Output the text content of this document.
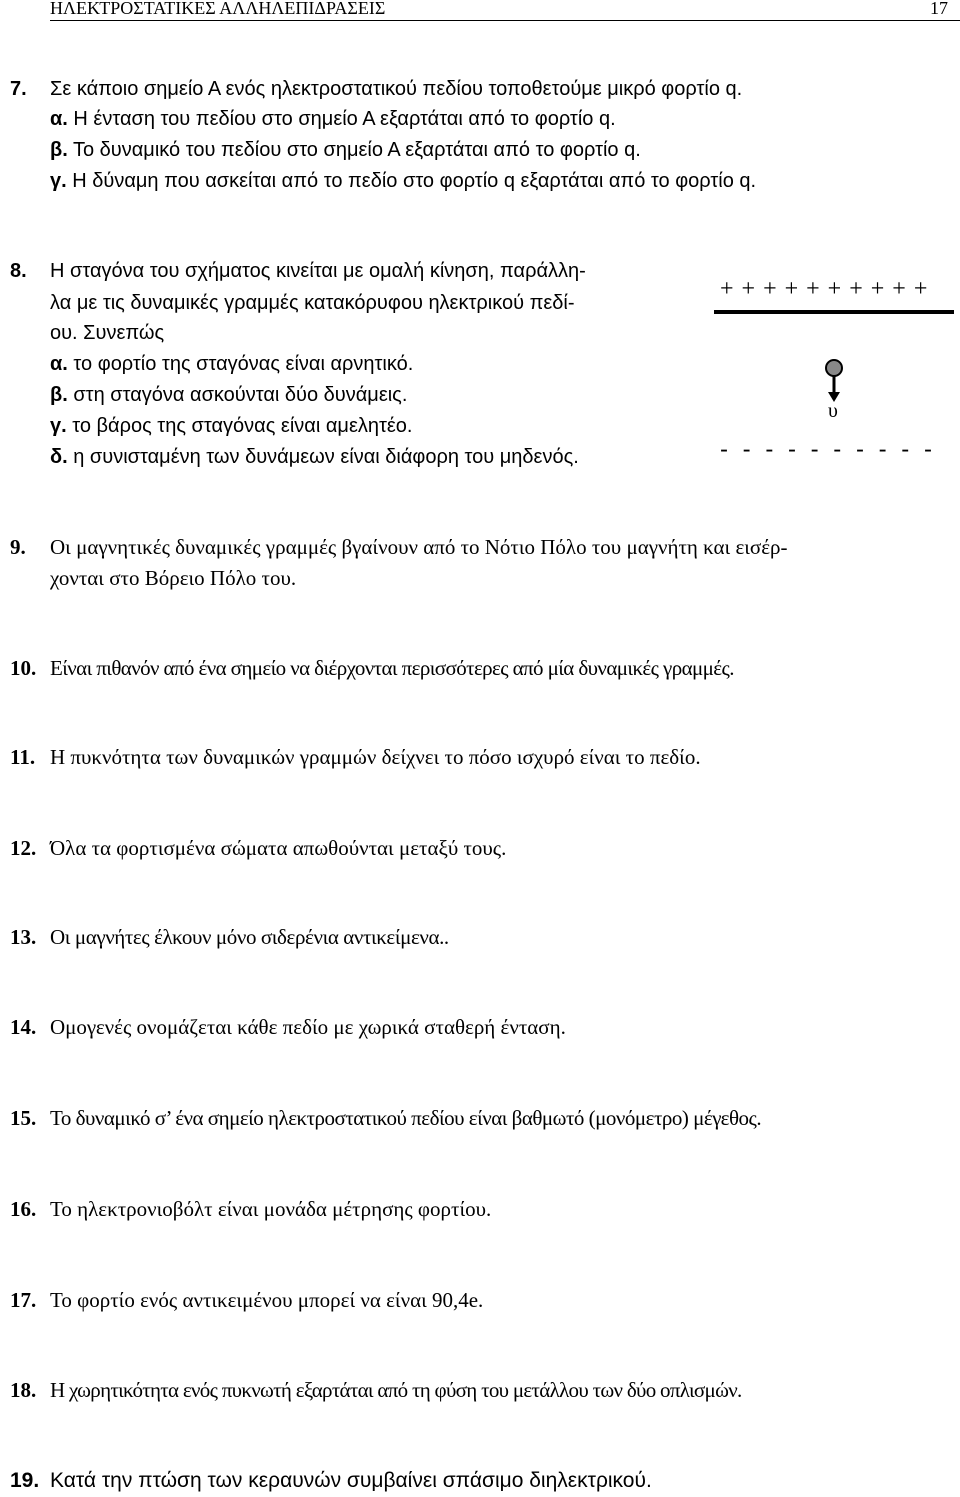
ΗΛΕΚΤΡΟΣΤΑΤΙΚΕΣ ΑΛΛΗΛΕΠΙΔΡΑΣΕΙΣ	17
7. Σε κάποιο σημείο Α ενός ηλεκτροστατικού πεδίου τοποθετούμε μικρό φορτίο q.
α. Η ένταση του πεδίου στο σημείο Α εξαρτάται από το φορτίο q.
β. Το δυναμικό του πεδίου στο σημείο Α εξαρτάται από το φορτίο q.
γ. Η δύναμη που ασκείται από το πεδίο στο φορτίο q εξαρτάται από το φορτίο q.
8. Η σταγόνα του σχήματος κινείται με ομαλή κίνηση, παράλλη-
λα με τις δυναμικές γραμμές κατακόρυφου ηλεκτρικού πεδί-
ου. Συνεπώς
α. το φορτίο της σταγόνας είναι αρνητικό.
β. στη σταγόνα ασκούνται δύο δυνάμεις.
γ. το βάρος της σταγόνας είναι αμελητέο.
δ. η συνισταμένη των δυνάμεων είναι διάφορη του μηδενός.
+ + + + + + + + + +
υ
- - - - - - - - - -
9. Οι μαγνητικές δυναμικές γραμμές βγαίνουν από το Νότιο Πόλο του μαγνήτη και εισέρ-
χονται στο Βόρειο Πόλο του.
10. Είναι πιθανόν από ένα σημείο να διέρχονται περισσότερες από μία δυναμικές γραμμές.
11. Η πυκνότητα των δυναμικών γραμμών δείχνει το πόσο ισχυρό είναι το πεδίο.
12. Όλα τα φορτισμένα σώματα απωθούνται μεταξύ τους.
13. Οι μαγνήτες έλκουν μόνο σιδερένια αντικείμενα..
14. Ομογενές ονομάζεται κάθε πεδίο με χωρικά σταθερή ένταση.
15. Το δυναμικό σ’ ένα σημείο ηλεκτροστατικού πεδίου είναι βαθμωτό (μονόμετρο) μέγεθος.
16. Το ηλεκτρονιοβόλτ είναι μονάδα μέτρησης φορτίου.
17. Το φορτίο ενός αντικειμένου μπορεί να είναι 90,4e.
18. Η χωρητικότητα ενός πυκνωτή εξαρτάται από τη φύση του μετάλλου των δύο οπλισμών.
19. Κατά την πτώση των κεραυνών συμβαίνει σπάσιμο διηλεκτρικού.
